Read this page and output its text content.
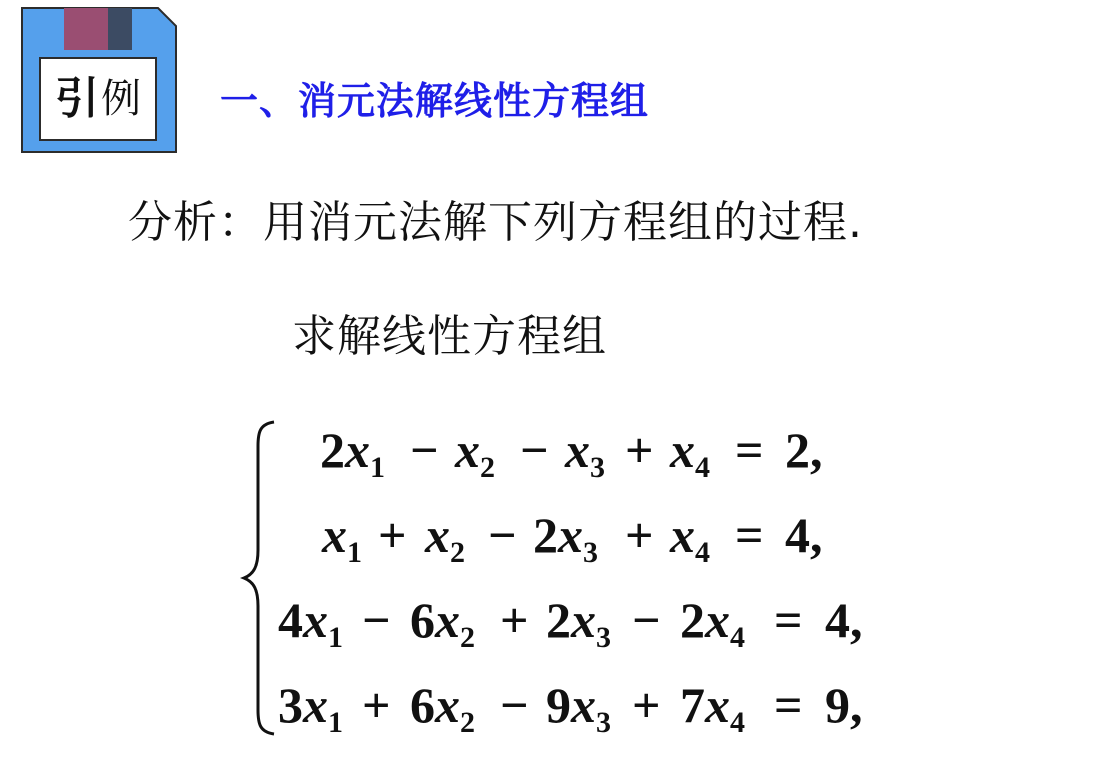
引 例 一、消元法解线性方程组
分析：用消元法解下列方程组的过程.
求解线性方程组
$2x_1 - x_2 - x_3 + x_4 = 2$,
$x_1 + x_2 - 2x_3 + x_4 = 4$,
$4x_1 - 6x_2 + 2x_3 - 2x_4 = 4$,
$3x_1 + 6x_2 - 9x_3 + 7x_4 = 9$,
